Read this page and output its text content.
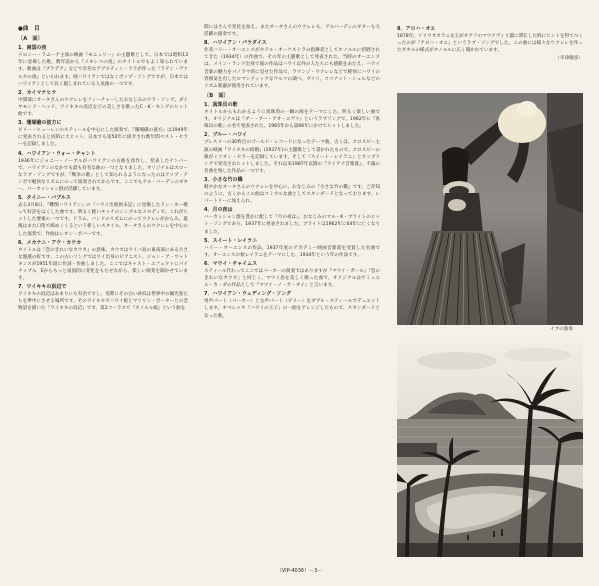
●曲　目
〔A　面〕
1．南国の夜
ドロシー・ラムーア主演の映画『モニュリー』の主題歌として、日本では昭和13年に登場した歌。数年前から『メキシコの夜』のタイトルでもよく知られています。歌曲は『プラデア』などで有名なアグスティン・ララが作った『ラテン・ヴァルカの夜』といわれます。純ハワイアンではなくポップ・ソングですが、日本ではハワイアンとして長く親しまれている人気曲の一つです。
2．カイマナヒラ
中間部にオータさんのウクレレをフィーチャーしたおなじみのワラ・ソング。ダイヤモンド・ヘッド、ワイキキの浜辺などの美しさを歌ったC・K・キングのヒット曲です。
3．珊瑚礁の彼方に
ビリー・ヒューレンのスティールを中心にした演奏で、『珊瑚礁の彼方』は1949年に発表されると同時に大ヒット。日本でも第50年に紹介され数年間ベスト・セラーを記録しました。
4．ハワイアン・ウォー・チャント
1936年にジョニー・ノーブルがハワイアンの古曲を改作し、発表したナンバーで、ハワイアンのなかでも最も有名な曲の一つとなりました。オリジナルはスローなラブ・ソングですが、『戦争の歌』として知られるようになったのはアップ・テンポで軽快なリズムにのって演奏されてからです。ここでもアル・バーディのギター、パーカッション群が活躍しています。
5．タイニー・バブルス
去る3月8日、『難倒ハワイアン』の『ハワイ出航始末記』に登場したドン・ホー歌って好評をはくした曲です。明るく軽いタッチのシンプルなメロディで、これがヒットした要素の一つです。ドラム、バンドのリズムにのってウクレレがからみ、最後はまた口笛で締めくくるという新しいスタイル。オータさんのウクレレを中心のした演奏で、作曲はレオン・ポバーです。
6．メカナニ・アウ・カウカ
タイトルは『恋のきれいなカウカ』の意味。カウカはワイハ島の東南部にある小さな漁港の町です。この古いソングではワイ出身のピアニスト、ジョン・ア・ワットキンスが1951年頃に作詞・作曲しました。ここではキャスト・エフェクトにパイナップル、Eからもっと南国的に変化をもたせながら、楽しい演奏を聞かせています。
7．ワイキキの浜辺で
ワイキキの浜辺はあまりにも有名ですし、実際にその白い砂浜は世界中の観光客たちを夢中にさせる場所です。そのワイキキでハワイ娘とマリリン・ポーターとの恋物語を描いた『ワイキキの浜辺』です。第2コーラスで『ホノルル娘』という曲を
間にはさんで変化を加え、またオータさんのウクレレも、アルバーディのギターも大活躍の演奏です。
8．ハワイアン・パラダイス
作者ハリー・オーエンスがホテル・オーケストラの指揮者としてホノルルに招聘されてきた（1934年）の作曲で、その年の主題歌として発表された、当時のオーエンスは、メイン・ランド出身で彼の作品はハワイ以外の人たちにも感銘をあたえ、ハワイ音楽の魅力をパノラマ的に見せた作品で、ラウンジ・ウクレレなどで軽快にハワイの雰囲気を出したロマンティックなワルツの調べ。ブイリ、ココナット・シェルなどのリズム楽器が使用されています。
〔B　面〕
1．真珠貝の歌
タイトルからもわかるように真珠湾の一瞬の海をテーマにした、明るく楽しい曲です。オリジナルは『ブー・ブー・アオ・エヴァ』というラブソングで、1962年に『真珠貝の歌』の名で発表された。1965年から第66年にかけてヒットしました。
2．ブルー・ハワイ
プレスリーの30枚目のゴールド・レコードになったテーマ曲。古くは、クロスビー主演の映画『ワイキキの結婚』(1937年)の主題歌として書かれたもので、クロスビーの歌がミリオン・セラーを記録しています。そして『スイート・レイラニ』とカップリングで発売されヒットしました。それ以来1987年以降の『ワイアナ音楽賞』、不滅の名曲を残した作品の一つです。
3．小さな竹の橋
軽やかなオータさんのウクレレを中心に、おなじみの『小さな竹の橋』です。ご存知のように、古くからこの曲はコミカルな曲としてスタンダードとなっております。レパートリーに加えられ、
4．月の夜は
バーカッション群を豊かに配して『月の夜は』。おなじみのマル・K・ブライトのヒット・ソングであり、1937年に発表されました。ブライトは1962年に64年に亡くなりました。
5．スイート・レイラニ
ハリー・オーエンスの作品、1937年度のアカデミー映画音楽賞を受賞した名曲です。オーエンスの娘レイラニをテーマにした、1934年という年の作品です。
6．マウイ・チャイムス
スティール代わってここではパーカーの演奏ではありますが『マウイ・ガール』『恋のきれいなカウカ』と同じく、マウイ島を美しく歌った曲で、オリジナルはサミュエル・カ・ダの作品として『マウイ・ノ・カ・オイ』と言います。
7．ハワイアン・ウェディング・ソング
男声パート（パーカー）と女声パート（ビリー）をダブル・スティールでデュエットします。オペレッタ『ハワイの王子』の一曲をアレンジしたもので、スタンダードとなった歌。
8．アロハ・オエ
1878年、リリウオカラニ女王がオアフのマウナヴィリ邸に滞在した時にヒントを得てつくったのが『アロハ・オエ』というラブ・ソングでした。この曲には様々なウクレレを作ったギタルの様式がホノルルに広く開かれています。
（早津敏彦）
イブの演奏
（VIP-4036）－3－
